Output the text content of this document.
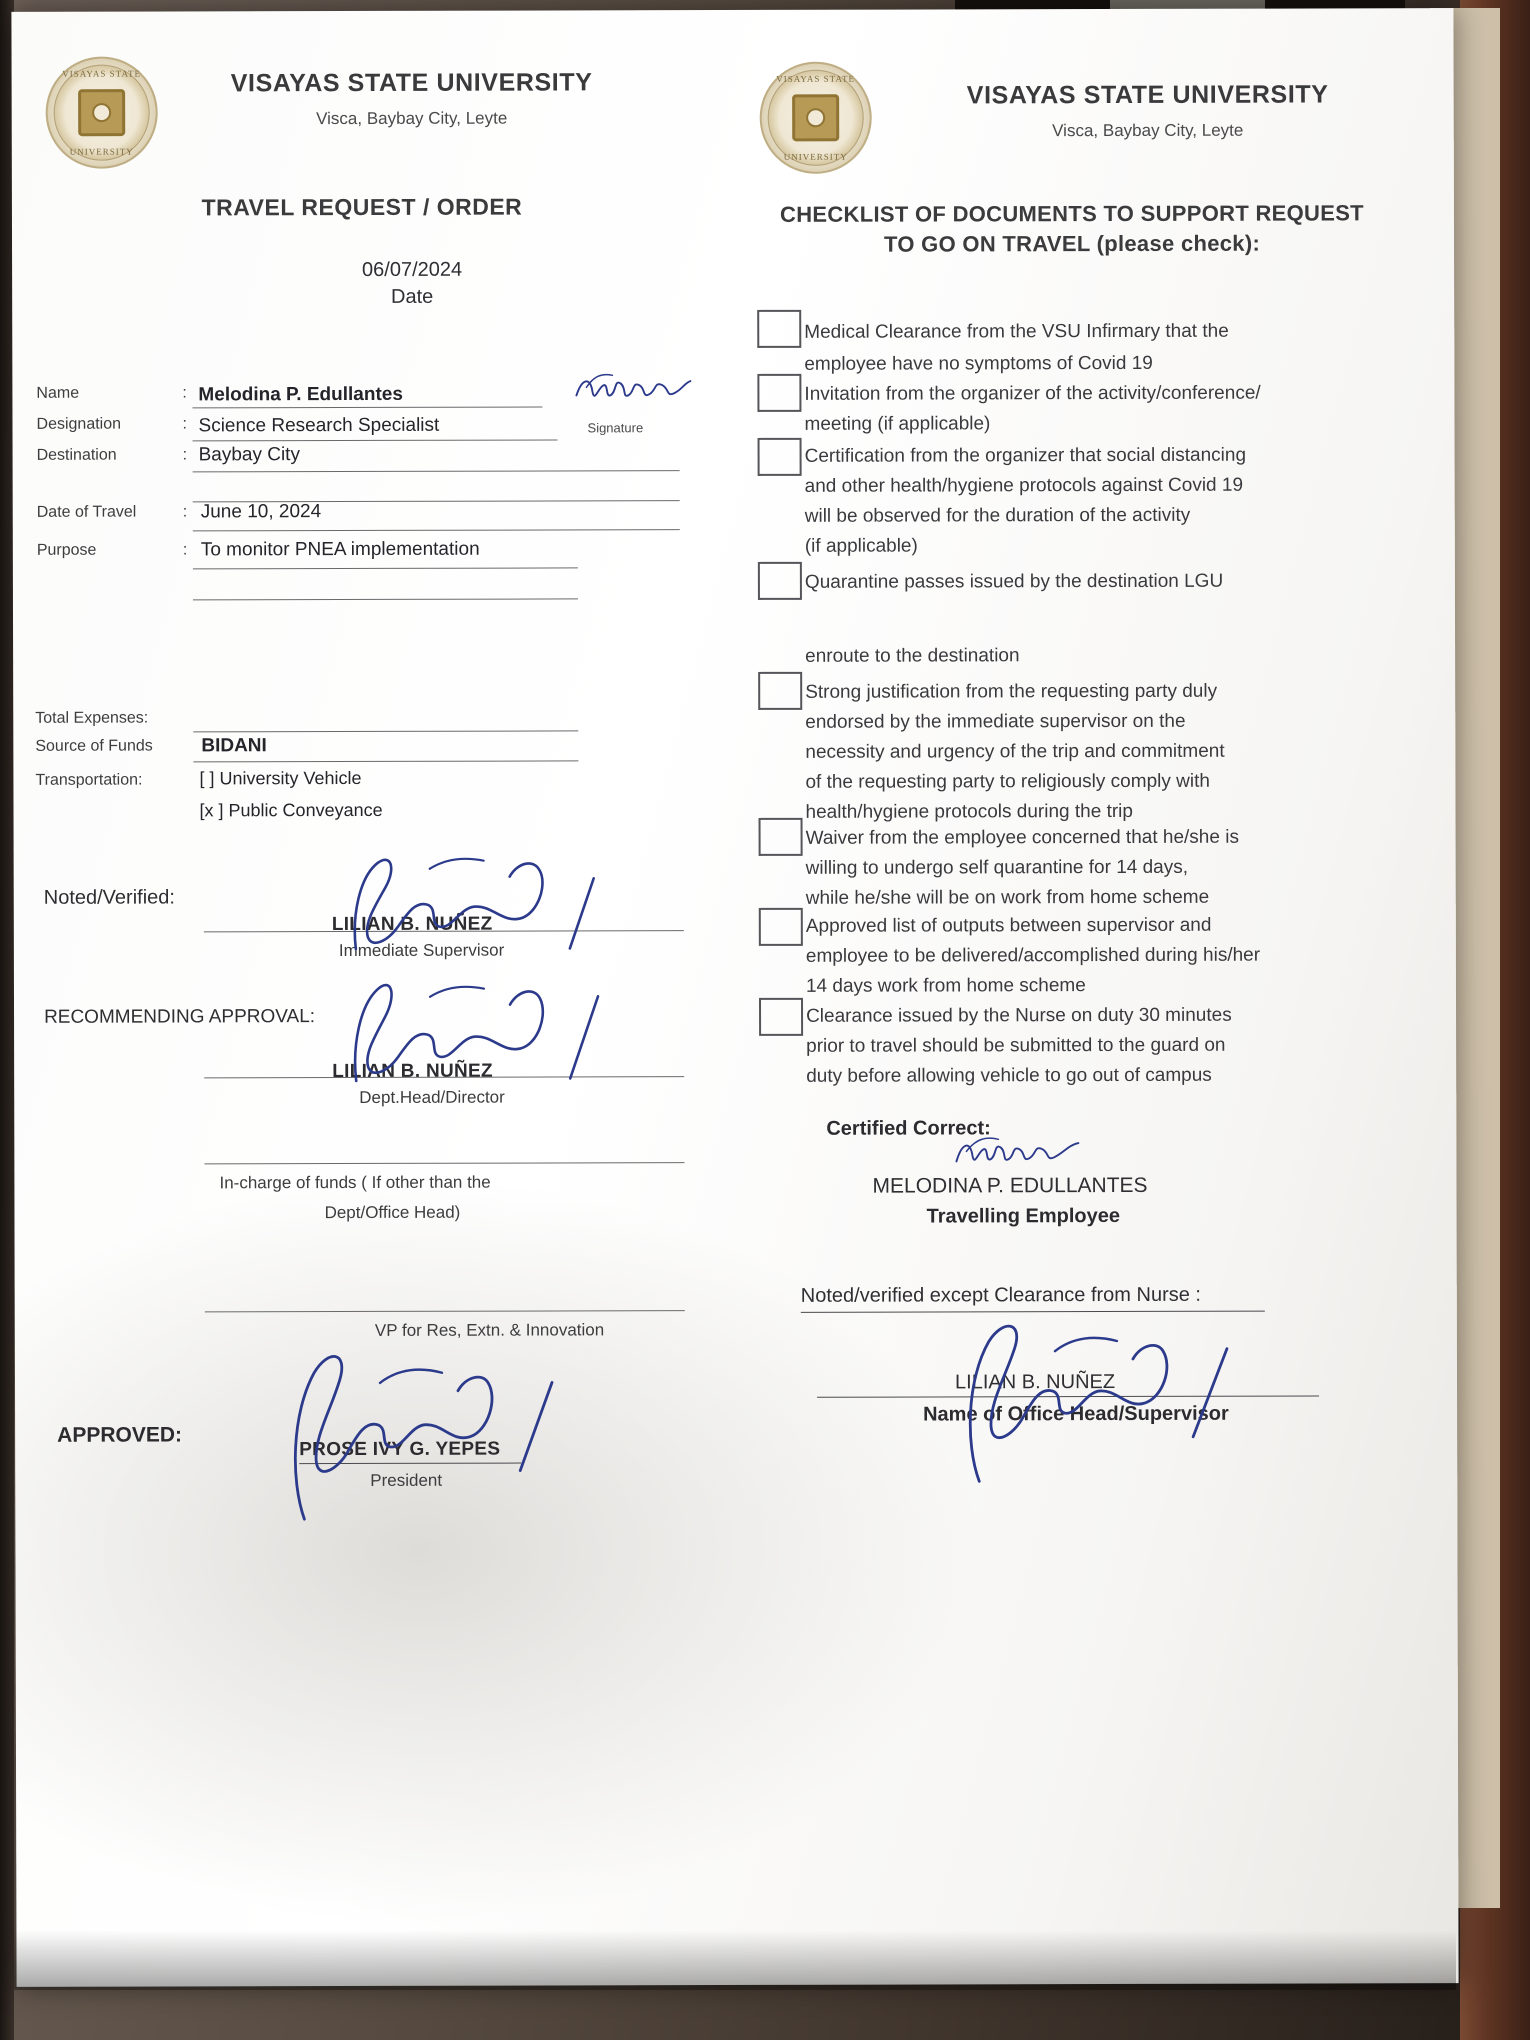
VISAYAS STATE
UNIVERSITY
VISAYAS STATE UNIVERSITY
Visca, Baybay City, Leyte
TRAVEL REQUEST / ORDER
06/07/2024
Date
Name	: Melodina P. Edullantes
Designation	: Science Research Specialist
Destination	: Baybay City
Date of Travel	: June 10, 2024
Purpose	: To monitor PNEA implementation
Total Expenses:
Source of Funds	BIDANI
Transportation:	[ ] University Vehicle
[x ] Public Conveyance
Noted/Verified:
LILIAN B. NUÑEZ
Immediate Supervisor
RECOMMENDING APPROVAL:
LILIAN B. NUÑEZ
Dept.Head/Director
In-charge of funds ( If other than the
Dept/Office Head)
VP for Res, Extn. & Innovation
APPROVED:
PROSE IVY G. YEPES
President
Signature
VISAYAS STATE
UNIVERSITY
VISAYAS STATE UNIVERSITY
Visca, Baybay City, Leyte
CHECKLIST OF DOCUMENTS TO SUPPORT REQUEST
TO GO ON TRAVEL (please check):
Medical Clearance from the VSU Infirmary that the
employee have no symptoms of Covid 19
Invitation from the organizer of the activity/conference/
meeting (if applicable)
Certification from the organizer that social distancing
and other health/hygiene protocols against Covid 19
will be observed for the duration of the activity
(if applicable)
Quarantine passes issued by the destination LGU
enroute to the destination
Strong justification from the requesting party duly
endorsed by the immediate supervisor on the
necessity and urgency of the trip and commitment
of the requesting party to religiously comply with
health/hygiene protocols during the trip
Waiver from the employee concerned that he/she is
willing to undergo self quarantine for 14 days,
while he/she will be on work from home scheme
Approved list of outputs between supervisor and
employee to be delivered/accomplished during his/her
14 days work from home scheme
Clearance issued by the Nurse on duty 30 minutes
prior to travel should be submitted to the guard on
duty before allowing vehicle to go out of campus
Certified Correct:
MELODINA P. EDULLANTES
Travelling Employee
Noted/verified except Clearance from Nurse :
LILIAN B. NUÑEZ
Name of Office Head/Supervisor
